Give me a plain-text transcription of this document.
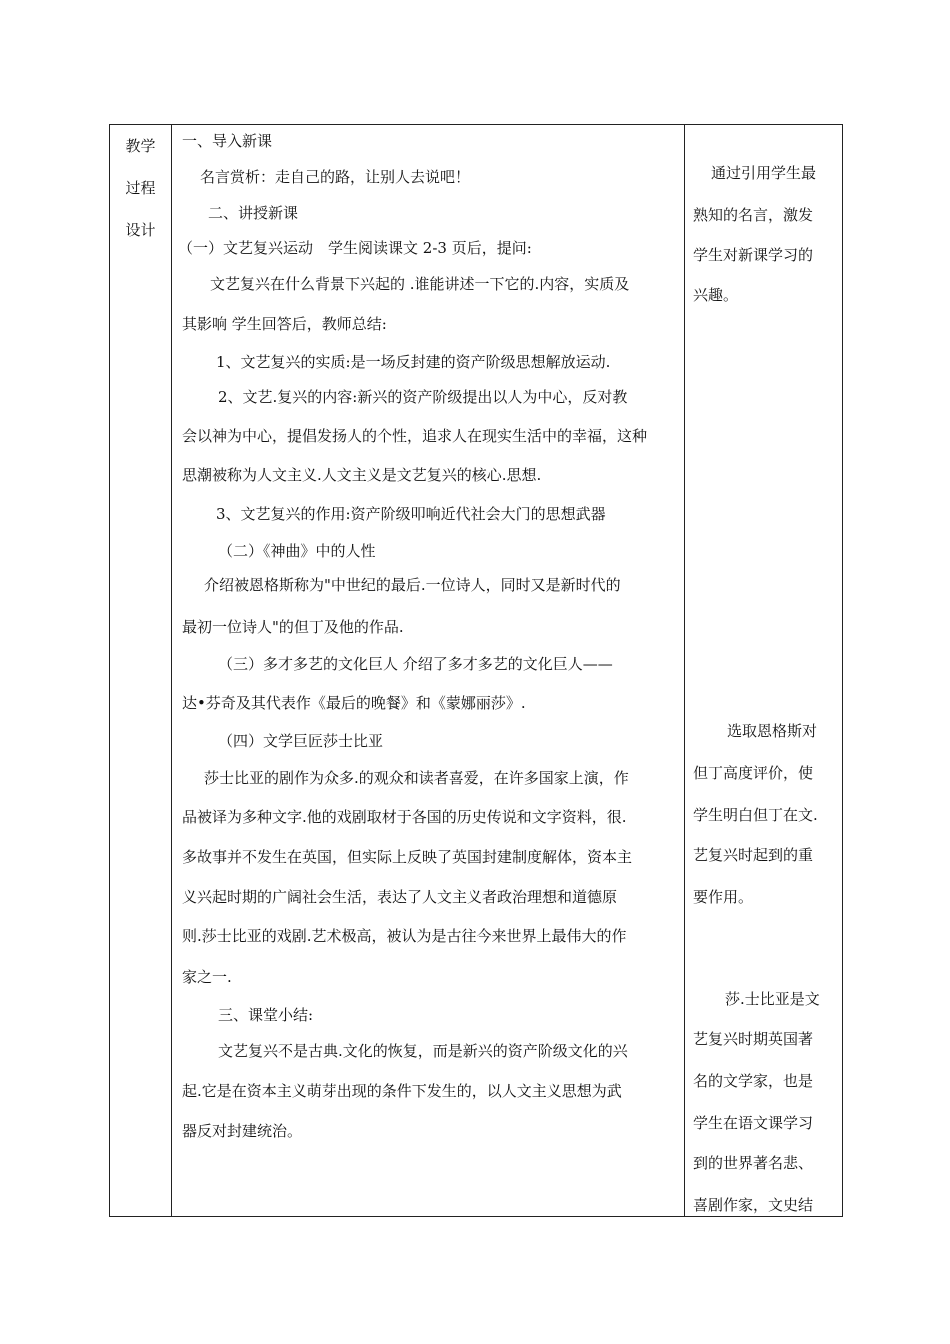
教学
过程
设计

一、导入新课
名言赏析：走自己的路，让别人去说吧！
二、讲授新课
（一）文艺复兴运动　学生阅读课文 2-3 页后，提问:
文艺复兴在什么背景下兴起的 .谁能讲述一下它的.内容，实质及
其影响 学生回答后，教师总结:
1、文艺复兴的实质:是一场反封建的资产阶级思想解放运动.
2、文艺.复兴的内容:新兴的资产阶级提出以人为中心，反对教
会以神为中心，提倡发扬人的个性，追求人在现实生活中的幸福，这种
思潮被称为人文主义.人文主义是文艺复兴的核心.思想.
3、文艺复兴的作用:资产阶级叩响近代社会大门的思想武器
（二）《神曲》中的人性
介绍被恩格斯称为"中世纪的最后.一位诗人，同时又是新时代的
最初一位诗人"的但丁及他的作品.
（三）多才多艺的文化巨人 介绍了多才多艺的文化巨人——
达•芬奇及其代表作《最后的晚餐》和《蒙娜丽莎》.
（四）文学巨匠莎士比亚
莎士比亚的剧作为众多.的观众和读者喜爱，在许多国家上演，作
品被译为多种文字.他的戏剧取材于各国的历史传说和文字资料，很.
多故事并不发生在英国，但实际上反映了英国封建制度解体，资本主
义兴起时期的广阔社会生活，表达了人文主义者政治理想和道德原
则.莎士比亚的戏剧.艺术极高，被认为是古往今来世界上最伟大的作
家之一.
三、课堂小结:
文艺复兴不是古典.文化的恢复，而是新兴的资产阶级文化的兴
起.它是在资本主义萌芽出现的条件下发生的，以人文主义思想为武
器反对封建统治。

通过引用学生最
熟知的名言，激发
学生对新课学习的
兴趣。
选取恩格斯对
但丁高度评价，使
学生明白但丁在文.
艺复兴时起到的重
要作用。
莎.士比亚是文
艺复兴时期英国著
名的文学家，也是
学生在语文课学习
到的世界著名悲、
喜剧作家，文史结
